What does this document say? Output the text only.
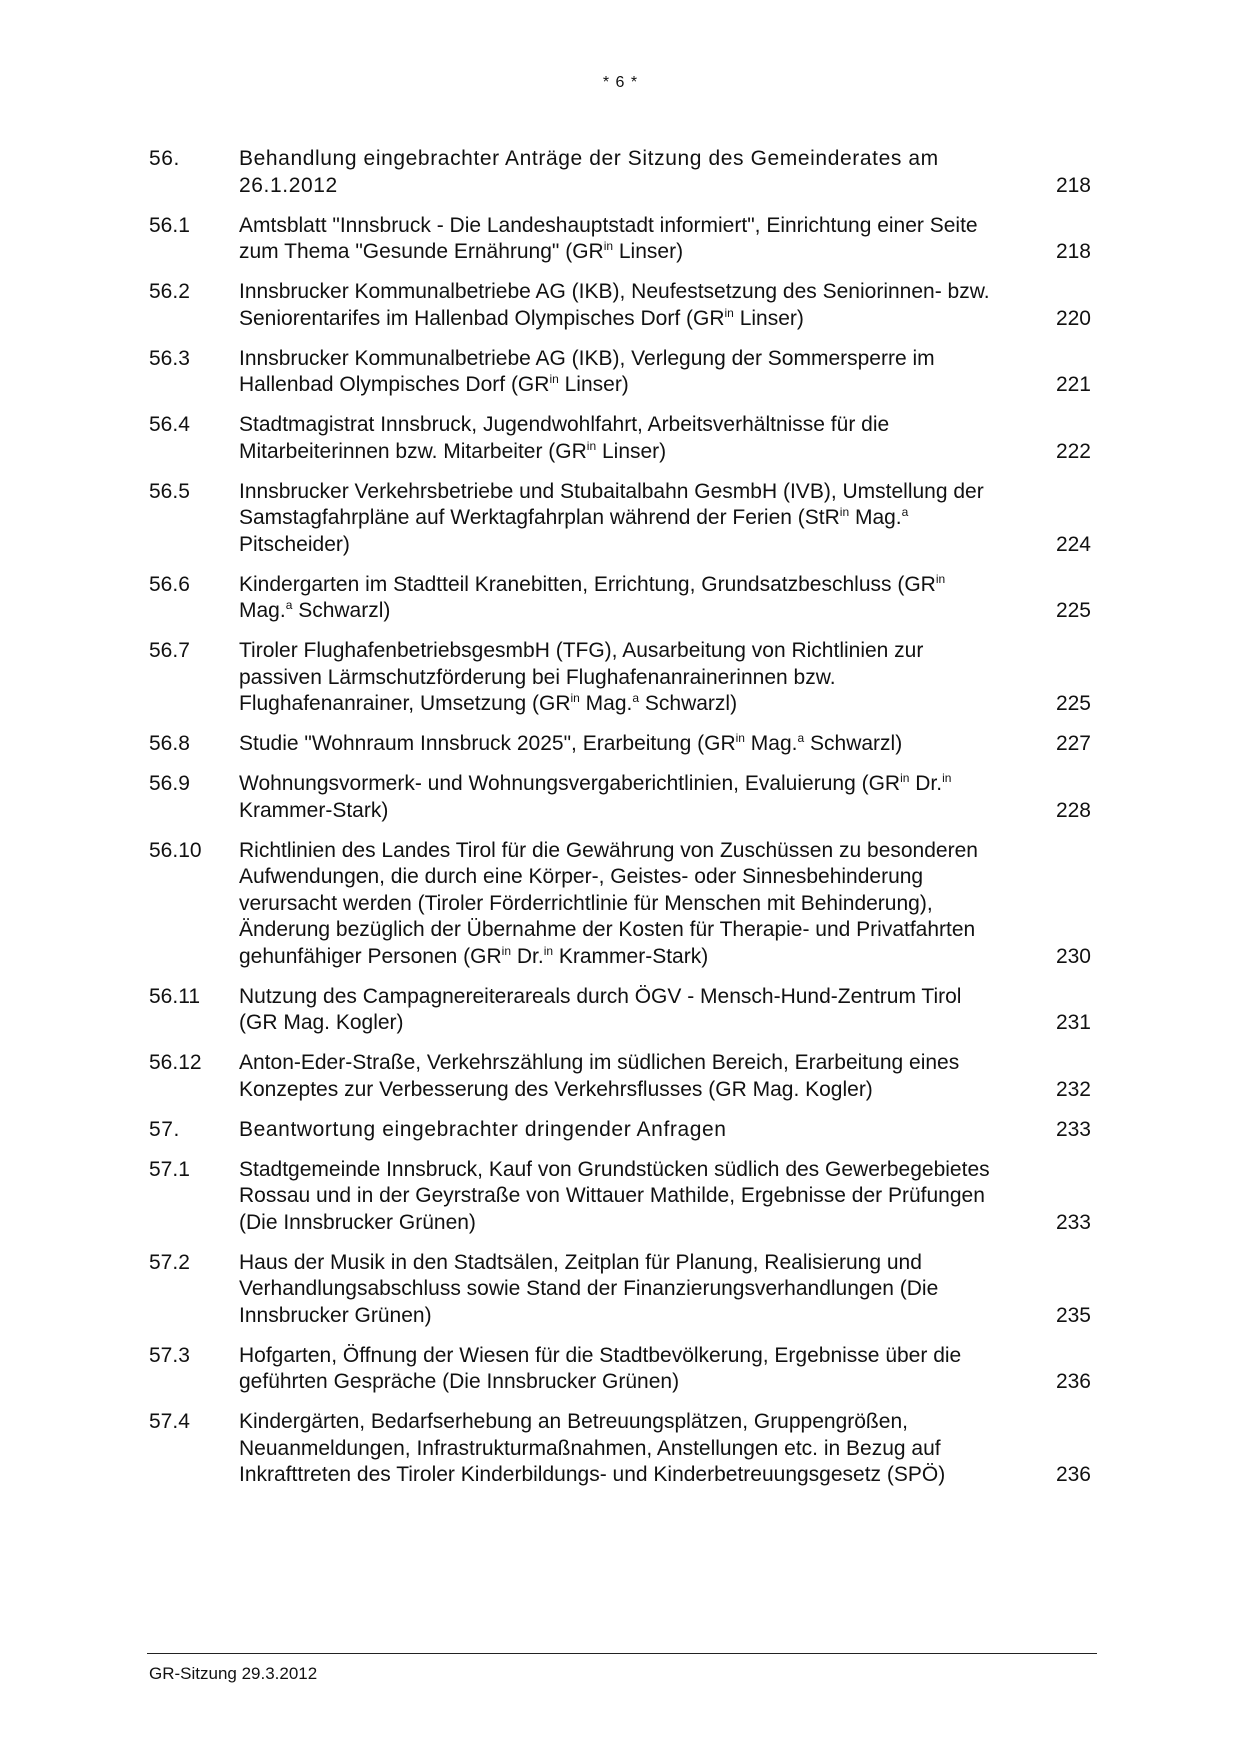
* 6 *
56.	Behandlung eingebrachter Anträge der Sitzung des Gemeinderates am 26.1.2012	218
56.1	Amtsblatt "Innsbruck - Die Landeshauptstadt informiert", Einrichtung einer Seite zum Thema "Gesunde Ernährung" ($GR^{in}$ Linser)	218
56.2	Innsbrucker Kommunalbetriebe AG (IKB), Neufestsetzung des Seniorinnen- bzw. Seniorentarifes im Hallenbad Olympisches Dorf ($GR^{in}$ Linser)	220
56.3	Innsbrucker Kommunalbetriebe AG (IKB), Verlegung der Sommersperre im Hallenbad Olympisches Dorf ($GR^{in}$ Linser)	221
56.4	Stadtmagistrat Innsbruck, Jugendwohlfahrt, Arbeitsverhältnisse für die Mitarbeiterinnen bzw. Mitarbeiter ($GR^{in}$ Linser)	222
56.5	Innsbrucker Verkehrsbetriebe und Stubaitalbahn GesmbH (IVB), Umstellung der Samstagfahrpläne auf Werktagfahrplan während der Ferien (StR$^{in}$ Mag.$^a$ Pitscheider)	224
56.6	Kindergarten im Stadtteil Kranebitten, Errichtung, Grundsatzbeschluss ($GR^{in}$ Mag.$^a$ Schwarzl)	225
56.7	Tiroler FlughafenbetriebsgesmbH (TFG), Ausarbeitung von Richtlinien zur passiven Lärmschutzförderung bei Flughafenanrainerinnen bzw. Flughafenanrainer, Umsetzung ($GR^{in}$ Mag.$^a$ Schwarzl)	225
56.8	Studie "Wohnraum Innsbruck 2025", Erarbeitung ($GR^{in}$ Mag.$^a$ Schwarzl)	227
56.9	Wohnungsvormerk- und Wohnungsvergaberichtlinien, Evaluierung ($GR^{in}$ Dr.$^{in}$ Krammer-Stark)	228
56.10	Richtlinien des Landes Tirol für die Gewährung von Zuschüssen zu besonderen Aufwendungen, die durch eine Körper-, Geistes- oder Sinnesbehinderung verursacht werden (Tiroler Förderrichtlinie für Menschen mit Behinderung), Änderung bezüglich der Übernahme der Kosten für Therapie- und Privatfahrten gehunfähiger Personen ($GR^{in}$ Dr.$^{in}$ Krammer-Stark)	230
56.11	Nutzung des Campagnereiterareals durch ÖGV - Mensch-Hund-Zentrum Tirol (GR Mag. Kogler)	231
56.12	Anton-Eder-Straße, Verkehrszählung im südlichen Bereich, Erarbeitung eines Konzeptes zur Verbesserung des Verkehrsflusses (GR Mag. Kogler)	232
57.	Beantwortung eingebrachter dringender Anfragen	233
57.1	Stadtgemeinde Innsbruck, Kauf von Grundstücken südlich des Gewerbegebietes Rossau und in der Geyrstraße von Wittauer Mathilde, Ergebnisse der Prüfungen (Die Innsbrucker Grünen)	233
57.2	Haus der Musik in den Stadtsälen, Zeitplan für Planung, Realisierung und Verhandlungsabschluss sowie Stand der Finanzierungsverhandlungen (Die Innsbrucker Grünen)	235
57.3	Hofgarten, Öffnung der Wiesen für die Stadtbevölkerung, Ergebnisse über die geführten Gespräche (Die Innsbrucker Grünen)	236
57.4	Kindergärten, Bedarfserhebung an Betreuungsplätzen, Gruppengrößen, Neuanmeldungen, Infrastrukturmaßnahmen, Anstellungen etc. in Bezug auf Inkrafttreten des Tiroler Kinderbildungs- und Kinderbetreuungsgesetz (SPÖ)	236
GR-Sitzung 29.3.2012
